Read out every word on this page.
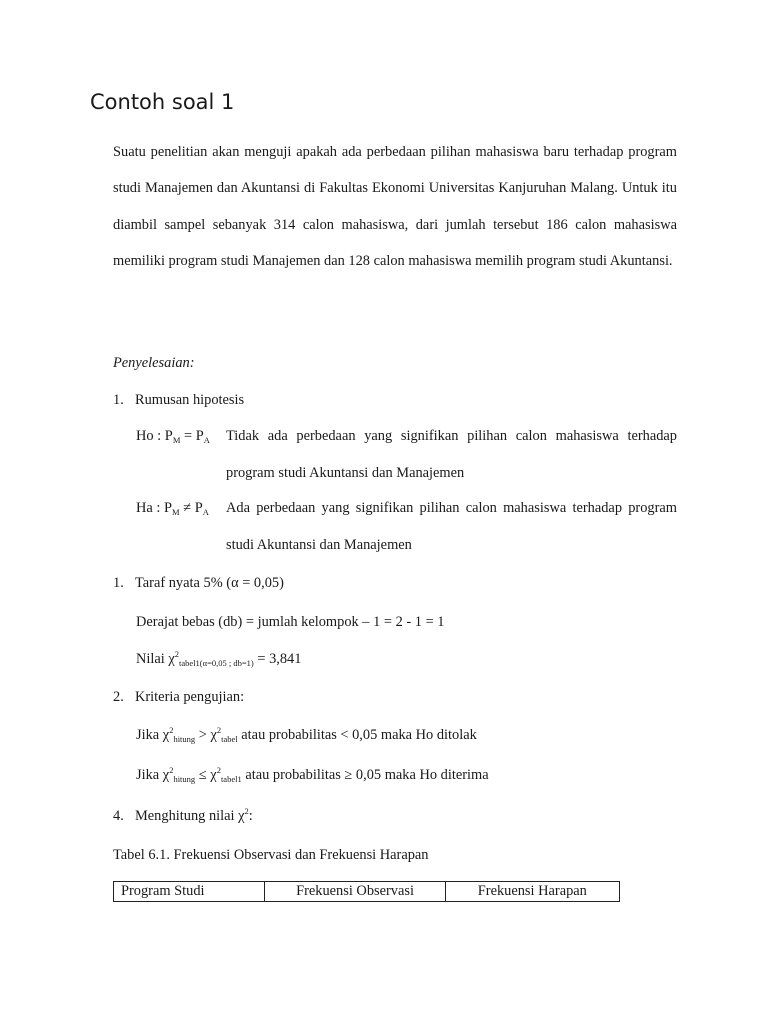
Contoh soal 1

Suatu penelitian akan menguji apakah ada perbedaan pilihan mahasiswa baru terhadap program studi Manajemen dan Akuntansi di Fakultas Ekonomi Universitas Kanjuruhan Malang. Untuk itu diambil sampel sebanyak 314 calon mahasiswa, dari jumlah tersebut 186 calon mahasiswa memiliki program studi Manajemen dan 128 calon mahasiswa memilih program studi Akuntansi.

Penyelesaian:
1. Rumusan hipotesis
Ho : $P_M = P_A$ Tidak ada perbedaan yang signifikan pilihan calon mahasiswa terhadap program studi Akuntansi dan Manajemen
Ha : $P_M \ne P_A$ Ada perbedaan yang signifikan pilihan calon mahasiswa terhadap program studi Akuntansi dan Manajemen
1. Taraf nyata 5% (α = 0,05)
Derajat bebas (db) = jumlah kelompok – 1 = 2 - 1 = 1
Nilai $\chi^2_{tabel1(\alpha=0,05 ; db=1)} = 3,841$
2. Kriteria pengujian:
Jika $\chi^2_{hitung} > \chi^2_{tabel}$ atau probabilitas < 0,05 maka Ho ditolak
Jika $\chi^2_{hitung} \le \chi^2_{tabel1}$ atau probabilitas ≥ 0,05 maka Ho diterima
4. Menghitung nilai $\chi^2$:
Tabel 6.1. Frekuensi Observasi dan Frekuensi Harapan
Program Studi	Frekuensi Observasi	Frekuensi Harapan
